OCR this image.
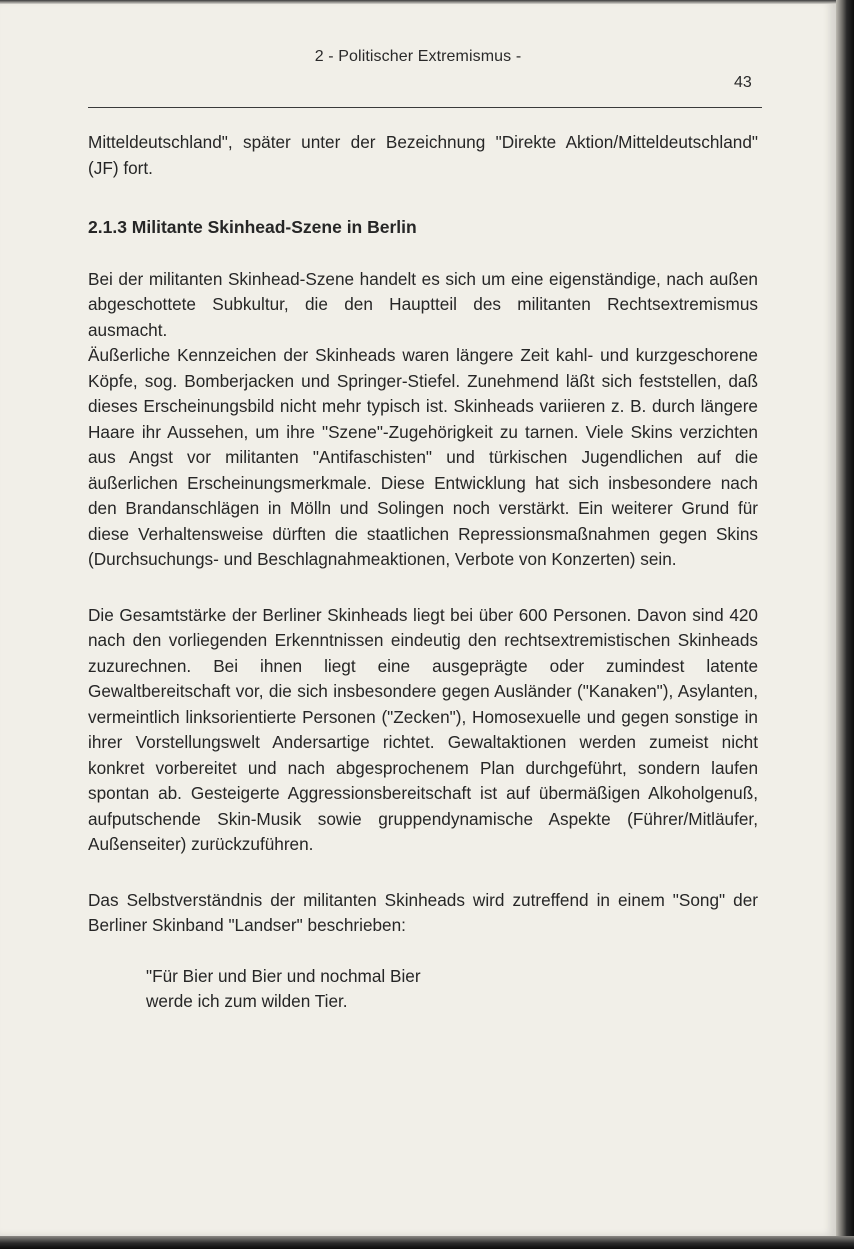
2 - Politischer Extremismus -
43

Mitteldeutschland", später unter der Bezeichnung "Direkte Aktion/Mitteldeutschland" (JF) fort.

2.1.3 Militante Skinhead-Szene in Berlin

Bei der militanten Skinhead-Szene handelt es sich um eine eigenständige, nach außen abgeschottete Subkultur, die den Hauptteil des militanten Rechtsextremismus ausmacht.

Äußerliche Kennzeichen der Skinheads waren längere Zeit kahl- und kurzgeschorene Köpfe, sog. Bomberjacken und Springer-Stiefel. Zunehmend läßt sich feststellen, daß dieses Erscheinungsbild nicht mehr typisch ist. Skinheads variieren z. B. durch längere Haare ihr Aussehen, um ihre "Szene"-Zugehörigkeit zu tarnen. Viele Skins verzichten aus Angst vor militanten "Antifaschisten" und türkischen Jugendlichen auf die äußerlichen Erscheinungsmerkmale. Diese Entwicklung hat sich insbesondere nach den Brandanschlägen in Mölln und Solingen noch verstärkt. Ein weiterer Grund für diese Verhaltensweise dürften die staatlichen Repressionsmaßnahmen gegen Skins (Durchsuchungs- und Beschlagnahmeaktionen, Verbote von Konzerten) sein.

Die Gesamtstärke der Berliner Skinheads liegt bei über 600 Personen. Davon sind 420 nach den vorliegenden Erkenntnissen eindeutig den rechtsextremistischen Skinheads zuzurechnen. Bei ihnen liegt eine ausgeprägte oder zumindest latente Gewaltbereitschaft vor, die sich insbesondere gegen Ausländer ("Kanaken"), Asylanten, vermeintlich linksorientierte Personen ("Zecken"), Homosexuelle und gegen sonstige in ihrer Vorstellungswelt Andersartige richtet. Gewaltaktionen werden zumeist nicht konkret vorbereitet und nach abgesprochenem Plan durchgeführt, sondern laufen spontan ab. Gesteigerte Aggressionsbereitschaft ist auf übermäßigen Alkoholgenuß, aufputschende Skin-Musik sowie gruppendynamische Aspekte (Führer/Mitläufer, Außenseiter) zurückzuführen.

Das Selbstverständnis der militanten Skinheads wird zutreffend in einem "Song" der Berliner Skinband "Landser" beschrieben:

"Für Bier und Bier und nochmal Bier
werde ich zum wilden Tier.
